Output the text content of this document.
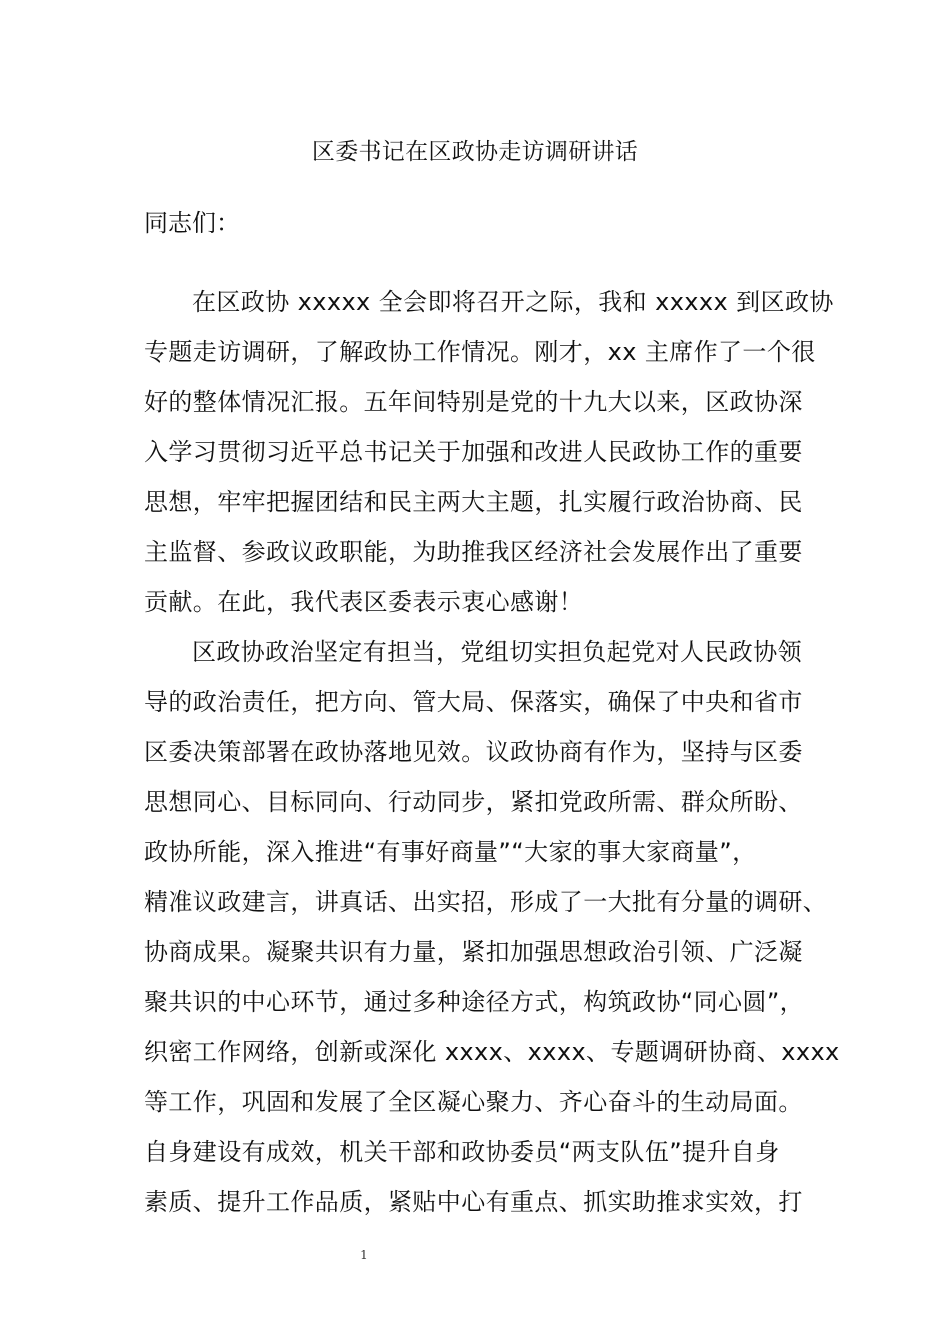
区委书记在区政协走访调研讲话
同志们：
在区政协 xxxxx 全会即将召开之际，我和 xxxxx 到区政协
专题走访调研，了解政协工作情况。刚才，xx 主席作了一个很
好的整体情况汇报。五年间特别是党的十九大以来，区政协深
入学习贯彻习近平总书记关于加强和改进人民政协工作的重要
思想，牢牢把握团结和民主两大主题，扎实履行政治协商、民
主监督、参政议政职能，为助推我区经济社会发展作出了重要
贡献。在此，我代表区委表示衷心感谢！
区政协政治坚定有担当，党组切实担负起党对人民政协领
导的政治责任，把方向、管大局、保落实，确保了中央和省市
区委决策部署在政协落地见效。议政协商有作为，坚持与区委
思想同心、目标同向、行动同步，紧扣党政所需、群众所盼、
政协所能，深入推进“有事好商量”“大家的事大家商量”，
精准议政建言，讲真话、出实招，形成了一大批有分量的调研、
协商成果。凝聚共识有力量，紧扣加强思想政治引领、广泛凝
聚共识的中心环节，通过多种途径方式，构筑政协“同心圆”，
织密工作网络，创新或深化 xxxx、xxxx、专题调研协商、xxxx
等工作，巩固和发展了全区凝心聚力、齐心奋斗的生动局面。
自身建设有成效，机关干部和政协委员“两支队伍”提升自身
素质、提升工作品质，紧贴中心有重点、抓实助推求实效，打
1
